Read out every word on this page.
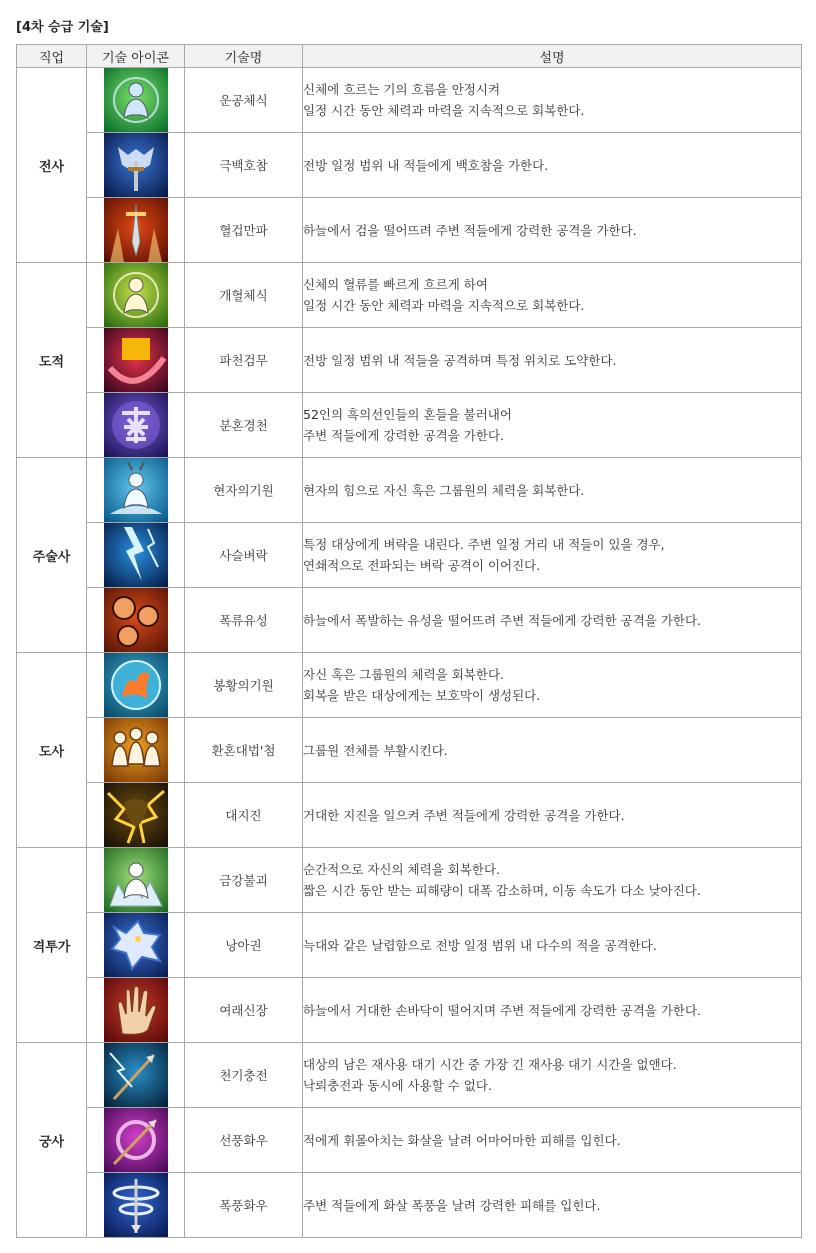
[4차 승급 기술]
직업	기술 아이콘	기술명	설명
전사		운공체식	신체에 흐르는 기의 흐름을 안정시켜
일정 시간 동안 체력과 마력을 지속적으로 회복한다.

	극백호참	전방 일정 범위 내 적들에게 백호참을 가한다.

	혈겁만파	하늘에서 검을 떨어뜨려 주변 적들에게 강력한 공격을 가한다.

도적		개혈체식	신체의 혈류를 빠르게 흐르게 하여
일정 시간 동안 체력과 마력을 지속적으로 회복한다.

	파천검무	전방 일정 범위 내 적들을 공격하며 특정 위치로 도약한다.

	분혼경천	52인의 흑의선인들의 혼들을 불러내어
주변 적들에게 강력한 공격을 가한다.

주술사		현자의기원	현자의 힘으로 자신 혹은 그룹원의 체력을 회복한다.

	사슬벼락	특정 대상에게 벼락을 내린다. 주변 일정 거리 내 적들이 있을 경우,
연쇄적으로 전파되는 벼락 공격이 이어진다.

	폭류유성	하늘에서 폭발하는 유성을 떨어뜨려 주변 적들에게 강력한 공격을 가한다.

도사		봉황의기원	자신 혹은 그룹원의 체력을 회복한다.
회복을 받은 대상에게는 보호막이 생성된다.

	환혼대법'첨	그룹원 전체를 부활시킨다.

	대지진	거대한 지진을 일으켜 주변 적들에게 강력한 공격을 가한다.

격투가		금강불괴	순간적으로 자신의 체력을 회복한다.
짧은 시간 동안 받는 피해량이 대폭 감소하며, 이동 속도가 다소 낮아진다.

	낭아권	늑대와 같은 날렵함으로 전방 일정 범위 내 다수의 적을 공격한다.

	여래신장	하늘에서 거대한 손바닥이 떨어지며 주변 적들에게 강력한 공격을 가한다.

궁사		천기충전	대상의 남은 재사용 대기 시간 중 가장 긴 재사용 대기 시간을 없앤다.
낙뢰충전과 동시에 사용할 수 없다.

	선풍화우	적에게 휘몰아치는 화살을 날려 어마어마한 피해를 입힌다.

	폭풍화우	주변 적들에게 화살 폭풍을 날려 강력한 피해를 입힌다.
